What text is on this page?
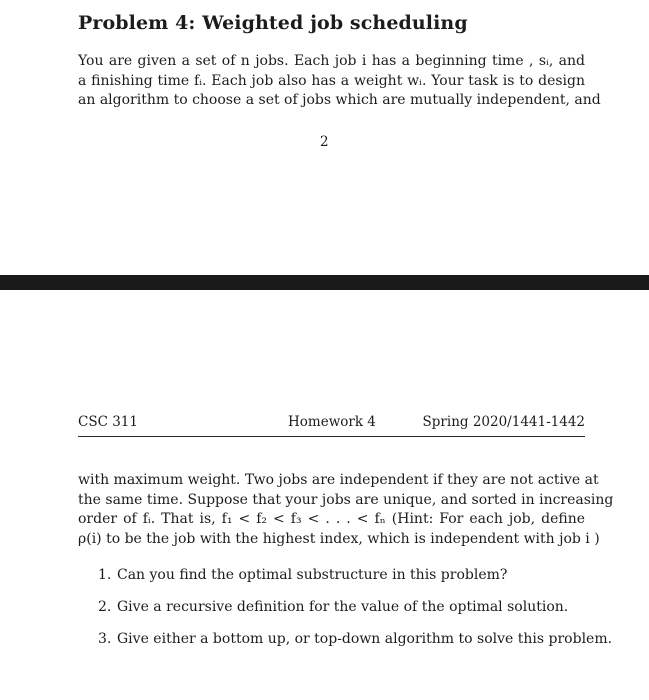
Problem 4: Weighted job scheduling
You are given a set of n jobs. Each job i has a beginning time , sᵢ, and
a finishing time fᵢ. Each job also has a weight wᵢ. Your task is to design
an algorithm to choose a set of jobs which are mutually independent, and
2
CSC 311	Homework 4	Spring 2020/1441-1442
with maximum weight. Two jobs are independent if they are not active at
the same time. Suppose that your jobs are unique, and sorted in increasing
order of fᵢ. That is, f₁ < f₂ < f₃ < . . . < fₙ (Hint: For each job, define
ρ(i) to be the job with the highest index, which is independent with job i )
1. Can you find the optimal substructure in this problem?
2. Give a recursive definition for the value of the optimal solution.
3. Give either a bottom up, or top-down algorithm to solve this problem.
